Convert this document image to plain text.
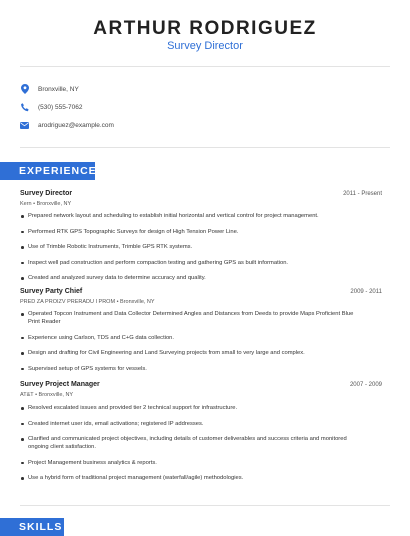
ARTHUR RODRIGUEZ
Survey Director
Bronxville, NY
(530) 555-7062
arodriguez@example.com
EXPERIENCE
Survey Director	2011 - Present
Kern • Bronxville, NY
Prepared network layout and scheduling to establish initial horizontal and vertical control for project management.
Performed RTK GPS Topographic Surveys for design of High Tension Power Line.
Use of Trimble Robotic Instruments, Trimble GPS RTK systems.
Inspect well pad construction and perform compaction testing and gathering GPS as built information.
Created and analyzed survey data to determine accuracy and quality.
Survey Party Chief	2009 - 2011
PRED ZA PROIZV PRERADU I PROM • Bronxville, NY
Operated Topcon Instrument and Data Collector Determined Angles and Distances from Deeds to provide Maps Proficient Blue Print Reader
Experience using Carlson, TDS and C+G data collection.
Design and drafting for Civil Engineering and Land Surveying projects from small to very large and complex.
Supervised setup of GPS systems for vessels.
Survey Project Manager	2007 - 2009
AT&T • Bronxville, NY
Resolved escalated issues and provided tier 2 technical support for infrastructure.
Created internet user ids, email activations; registered IP addresses.
Clarified and communicated project objectives, including details of customer deliverables and success criteria and monitored ongoing client satisfaction.
Project Management business analytics & reports.
Use a hybrid form of traditional project management (waterfall/agile) methodologies.
SKILLS
